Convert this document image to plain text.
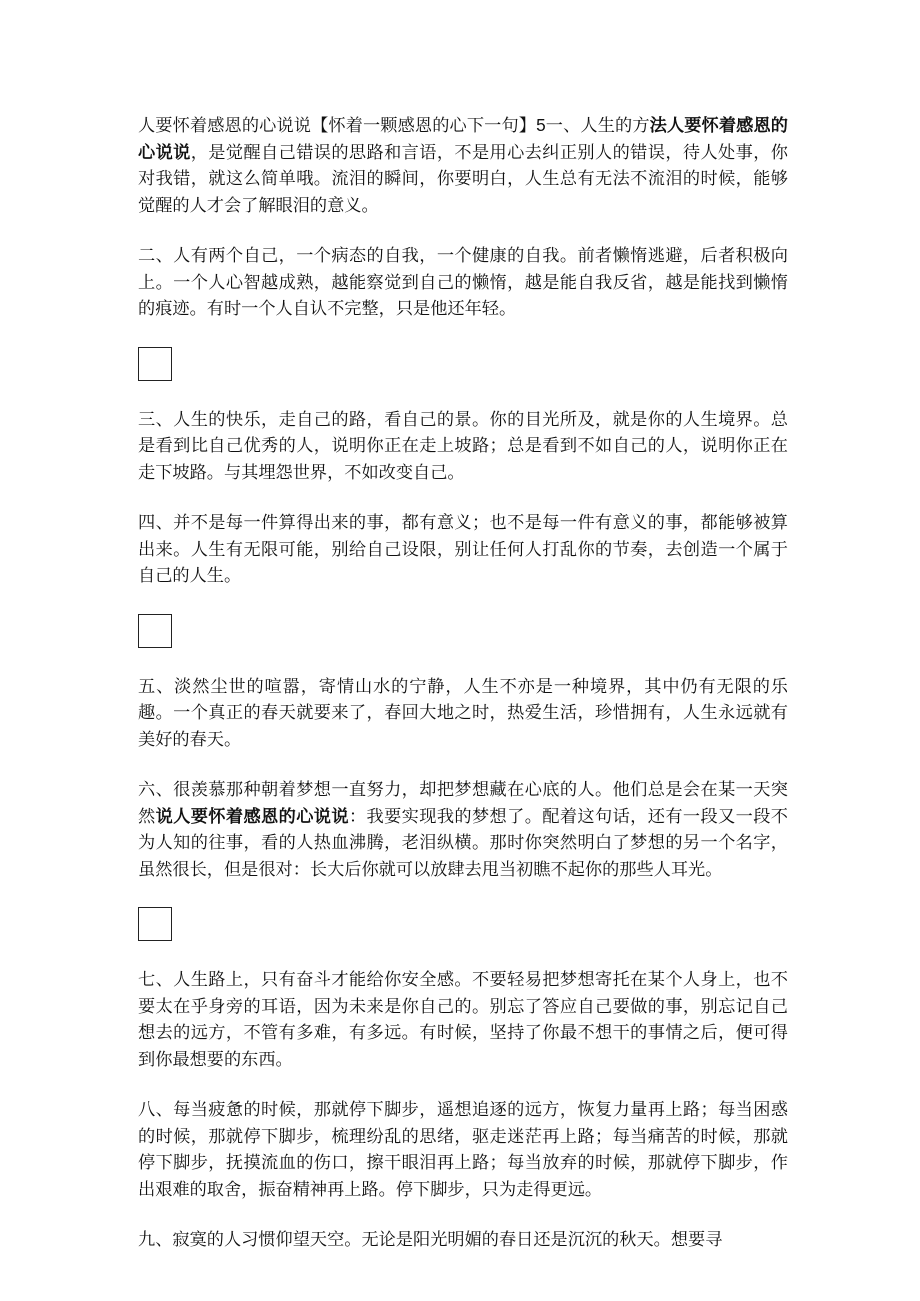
人要怀着感恩的心说说【怀着一颗感恩的心下一句】5一、人生的方法人要怀着感恩的心说说，是觉醒自己错误的思路和言语，不是用心去纠正别人的错误，待人处事，你对我错，就这么简单哦。流泪的瞬间，你要明白，人生总有无法不流泪的时候，能够觉醒的人才会了解眼泪的意义。

二、人有两个自己，一个病态的自我，一个健康的自我。前者懒惰逃避，后者积极向上。一个人心智越成熟，越能察觉到自己的懒惰，越是能自我反省，越是能找到懒惰的痕迹。有时一个人自认不完整，只是他还年轻。

三、人生的快乐，走自己的路，看自己的景。你的目光所及，就是你的人生境界。总是看到比自己优秀的人，说明你正在走上坡路；总是看到不如自己的人，说明你正在走下坡路。与其埋怨世界，不如改变自己。

四、并不是每一件算得出来的事，都有意义；也不是每一件有意义的事，都能够被算出来。人生有无限可能，别给自己设限，别让任何人打乱你的节奏，去创造一个属于自己的人生。

五、淡然尘世的喧嚣，寄情山水的宁静，人生不亦是一种境界，其中仍有无限的乐趣。一个真正的春天就要来了，春回大地之时，热爱生活，珍惜拥有，人生永远就有美好的春天。

六、很羡慕那种朝着梦想一直努力，却把梦想藏在心底的人。他们总是会在某一天突然说人要怀着感恩的心说说：我要实现我的梦想了。配着这句话，还有一段又一段不为人知的往事，看的人热血沸腾，老泪纵横。那时你突然明白了梦想的另一个名字，虽然很长，但是很对：长大后你就可以放肆去甩当初瞧不起你的那些人耳光。

七、人生路上，只有奋斗才能给你安全感。不要轻易把梦想寄托在某个人身上，也不要太在乎身旁的耳语，因为未来是你自己的。别忘了答应自己要做的事，别忘记自己想去的远方，不管有多难，有多远。有时候，坚持了你最不想干的事情之后，便可得到你最想要的东西。

八、每当疲惫的时候，那就停下脚步，遥想追逐的远方，恢复力量再上路；每当困惑的时候，那就停下脚步，梳理纷乱的思绪，驱走迷茫再上路；每当痛苦的时候，那就停下脚步，抚摸流血的伤口，擦干眼泪再上路；每当放弃的时候，那就停下脚步，作出艰难的取舍，振奋精神再上路。停下脚步，只为走得更远。

九、寂寞的人习惯仰望天空。无论是阳光明媚的春日还是沉沉的秋天。想要寻
